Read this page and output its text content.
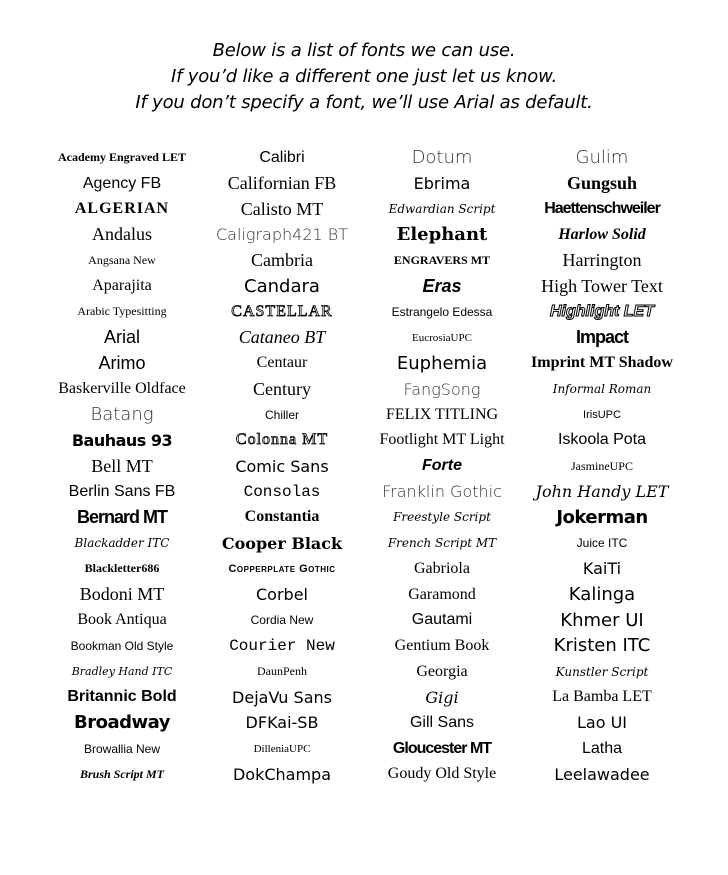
Below is a list of fonts we can use.
If you’d like a different one just let us know.
If you don’t specify a font, we’ll use Arial as default.
Academy Engraved LET	Calibri	Dotum	Gulim
Agency FB	Californian FB	Ebrima	Gungsuh
ALGERIAN	Calisto MT	Edwardian Script	Haettenschweiler
Andalus	Caligraph421 BT	Elephant	Harlow Solid
Angsana New	Cambria	ENGRAVERS MT	Harrington
Aparajita	Candara	Eras	High Tower Text
Arabic Typesitting	CASTELLAR	Estrangelo Edessa	Highlight LET
Arial	Cataneo BT	EucrosiaUPC	Impact
Arimo	Centaur	Euphemia	Imprint MT Shadow
Baskerville Oldface	Century	FangSong	Informal Roman
Batang	Chiller	FELIX TITLING	IrisUPC
Bauhaus 93	Colonna MT	Footlight MT Light	Iskoola Pota
Bell MT	Comic Sans	Forte	JasmineUPC
Berlin Sans FB	Consolas	Franklin Gothic	John Handy LET
Bernard MT	Constantia	Freestyle Script	Jokerman
Blackadder ITC	Cooper Black	French Script MT	Juice ITC
Blackletter686	Copperplate Gothic	Gabriola	KaiTi
Bodoni MT	Corbel	Garamond	Kalinga
Book Antiqua	Cordia New	Gautami	Khmer UI
Bookman Old Style	Courier New	Gentium Book	Kristen ITC
Bradley Hand ITC	DaunPenh	Georgia	Kunstler Script
Britannic Bold	DejaVu Sans	Gigi	La Bamba LET
Broadway	DFKai-SB	Gill Sans	Lao UI
Browallia New	DilleniaUPC	Gloucester MT	Latha
Brush Script MT	DokChampa	Goudy Old Style	Leelawadee
